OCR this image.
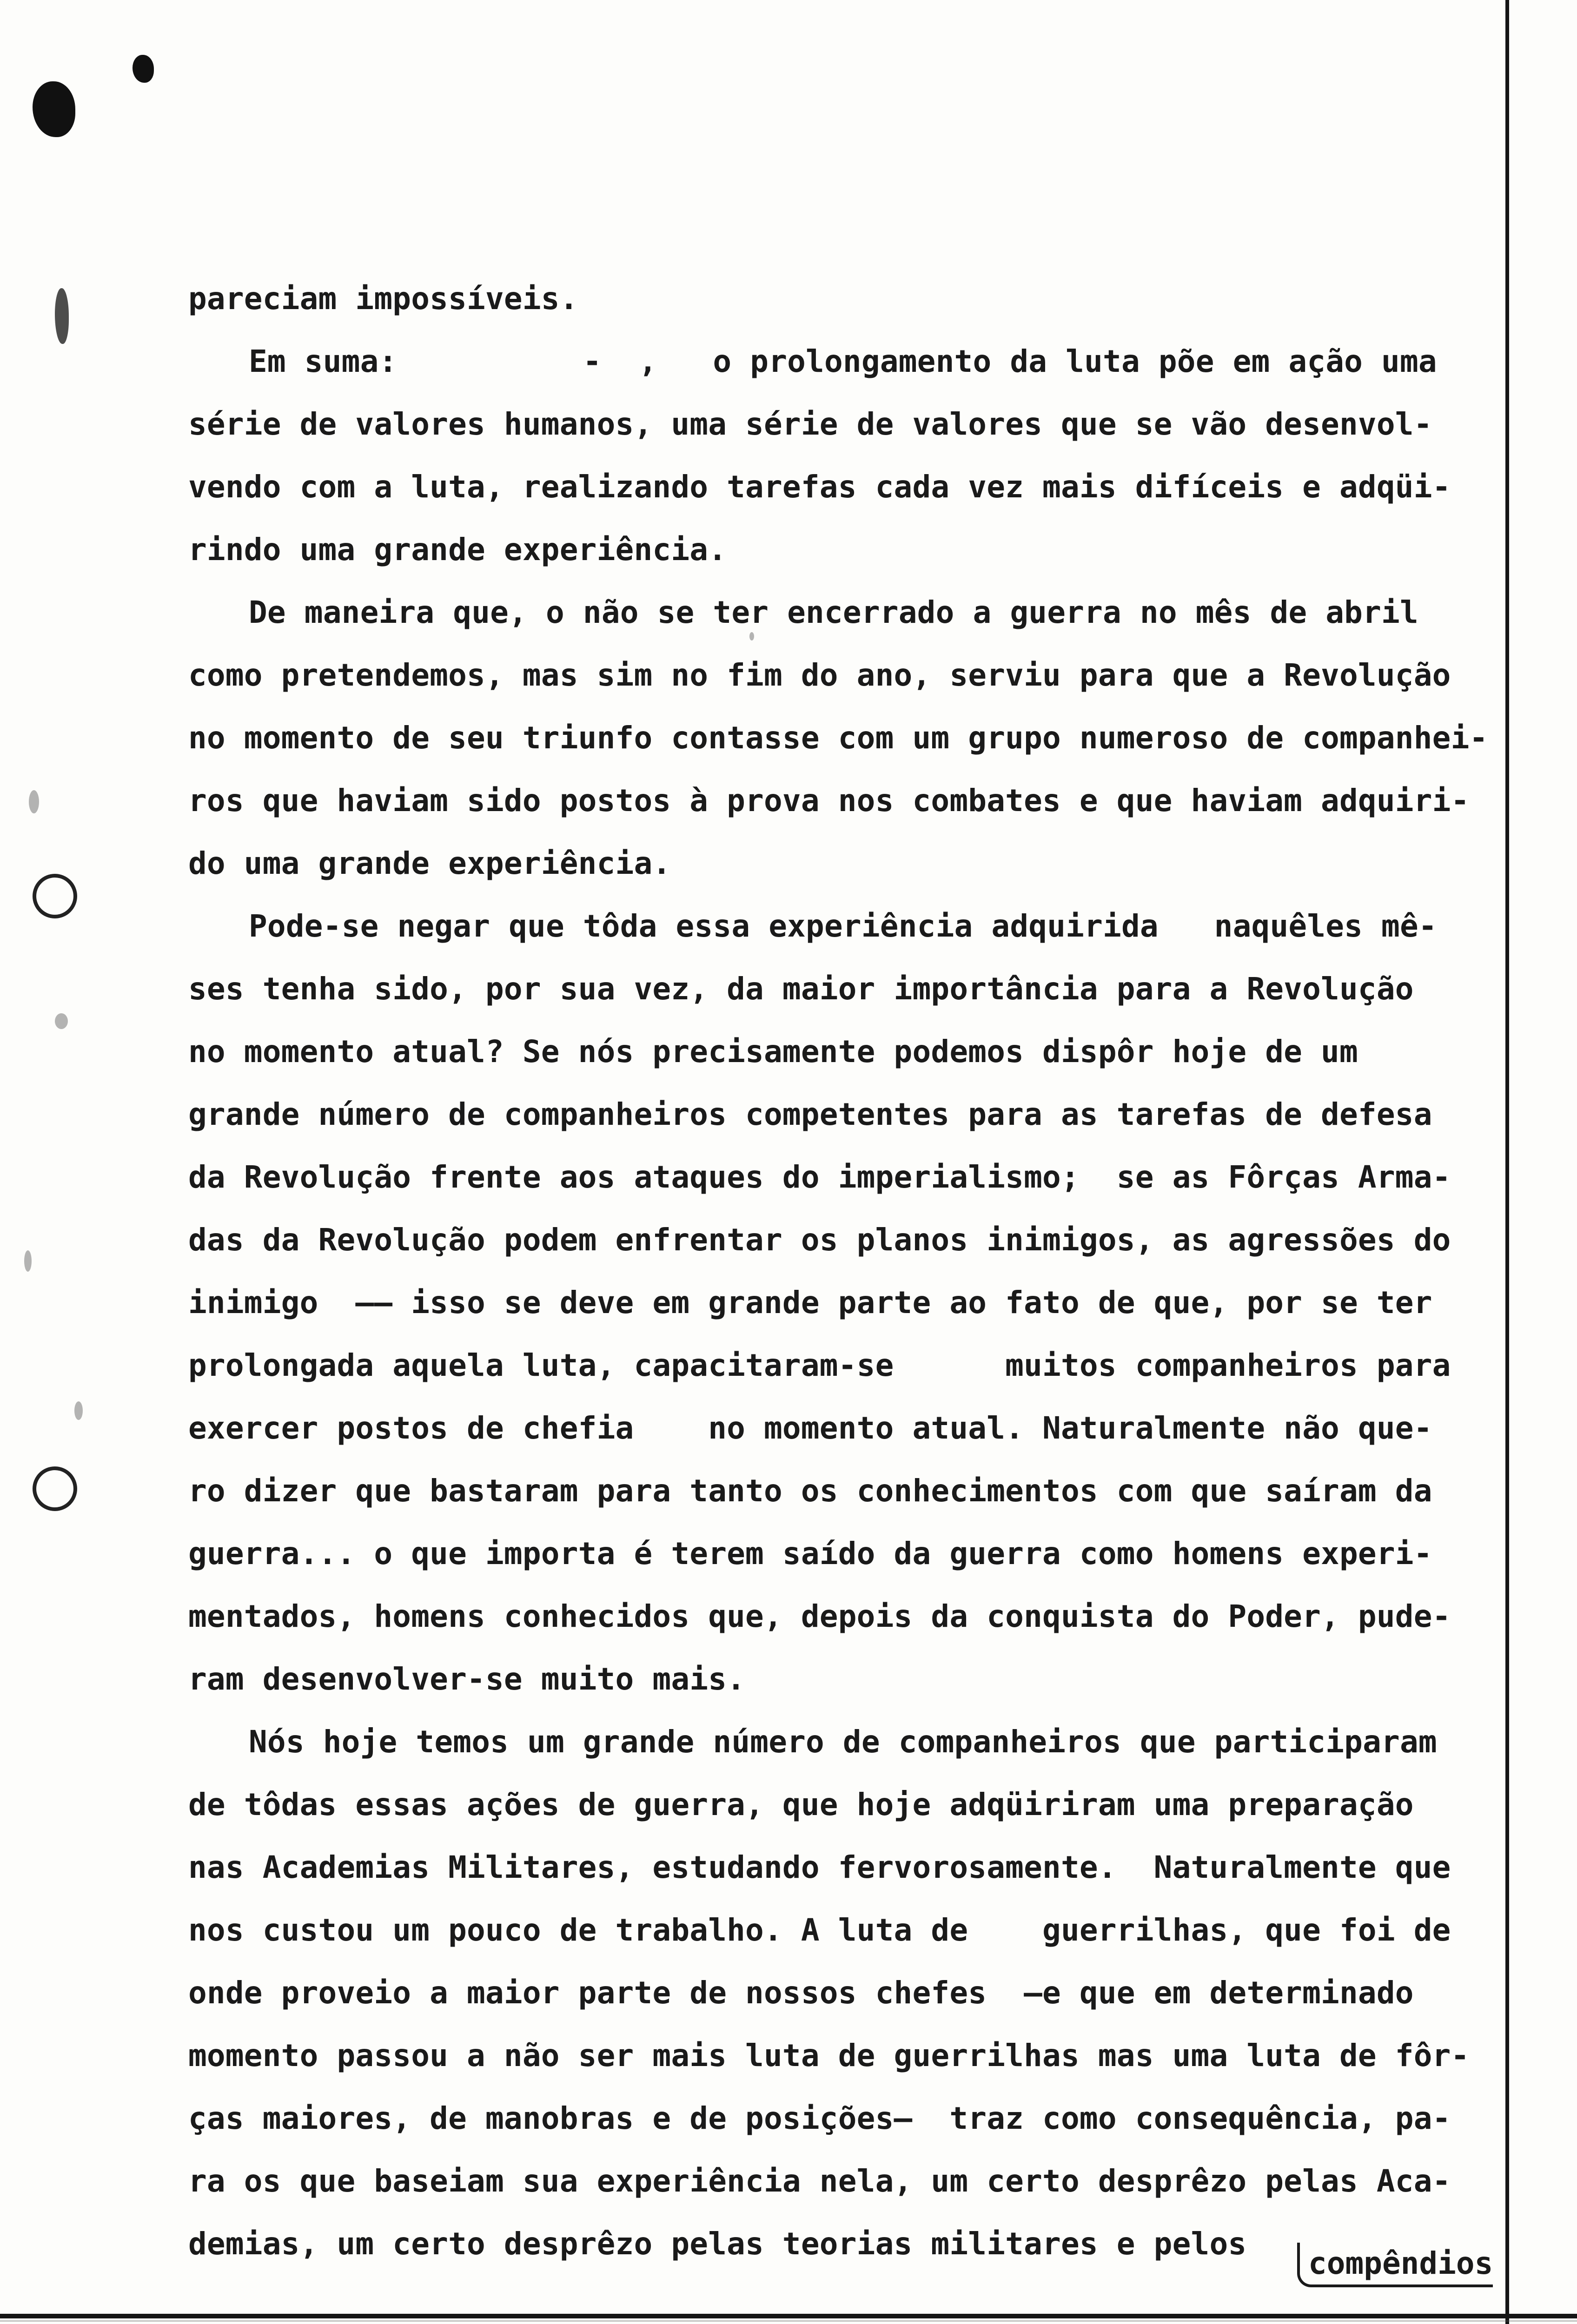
pareciam impossíveis.
Em suma:          -  ,   o prolongamento da luta põe em ação uma
série de valores humanos, uma série de valores que se vão desenvol-
vendo com a luta, realizando tarefas cada vez mais difíceis e adqüi-
rindo uma grande experiência.
De maneira que, o não se ter encerrado a guerra no mês de abril
como pretendemos, mas sim no fim do ano, serviu para que a Revolução
no momento de seu triunfo contasse com um grupo numeroso de companhei-
ros que haviam sido postos à prova nos combates e que haviam adquiri-
do uma grande experiência.
Pode-se negar que tôda essa experiência adquirida   naquêles mê-
ses tenha sido, por sua vez, da maior importância para a Revolução
no momento atual? Se nós precisamente podemos dispôr hoje de um
grande número de companheiros competentes para as tarefas de defesa
da Revolução frente aos ataques do imperialismo;  se as Fôrças Arma-
das da Revolução podem enfrentar os planos inimigos, as agressões do
inimigo  —— isso se deve em grande parte ao fato de que, por se ter
prolongada aquela luta, capacitaram-se      muitos companheiros para
exercer postos de chefia    no momento atual. Naturalmente não que-
ro dizer que bastaram para tanto os conhecimentos com que saíram da
guerra... o que importa é terem saído da guerra como homens experi-
mentados, homens conhecidos que, depois da conquista do Poder, pude-
ram desenvolver-se muito mais.
Nós hoje temos um grande número de companheiros que participaram
de tôdas essas ações de guerra, que hoje adqüiriram uma preparação
nas Academias Militares, estudando fervorosamente.  Naturalmente que
nos custou um pouco de trabalho. A luta de    guerrilhas, que foi de
onde proveio a maior parte de nossos chefes  —e que em determinado
momento passou a não ser mais luta de guerrilhas mas uma luta de fôr-
ças maiores, de manobras e de posições—  traz como consequência, pa-
ra os que baseiam sua experiência nela, um certo desprêzo pelas Aca-
demias, um certo desprêzo pelas teorias militares e pelos
compêndios
